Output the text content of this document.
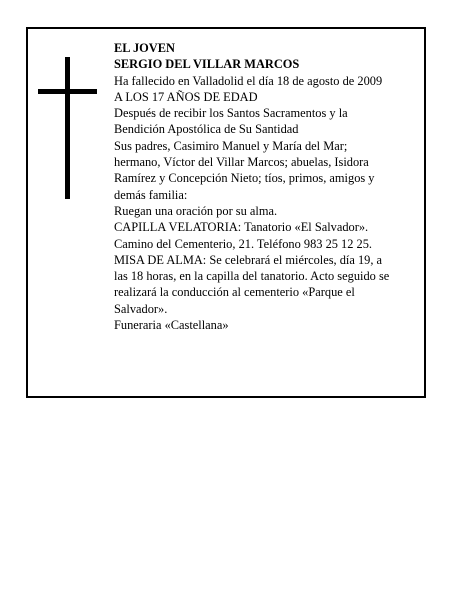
EL JOVEN
SERGIO DEL VILLAR MARCOS
Ha fallecido en Valladolid el día 18 de agosto de 2009
A LOS 17 AÑOS DE EDAD
Después de recibir los Santos Sacramentos y la
Bendición Apostólica de Su Santidad
Sus padres, Casimiro Manuel y María del Mar;
hermano, Víctor del Villar Marcos; abuelas, Isidora
Ramírez y Concepción Nieto; tíos, primos, amigos y
demás familia:
Ruegan una oración por su alma.
CAPILLA VELATORIA: Tanatorio «El Salvador».
Camino del Cementerio, 21. Teléfono 983 25 12 25.
MISA DE ALMA: Se celebrará el miércoles, día 19, a
las 18 horas, en la capilla del tanatorio. Acto seguido se
realizará la conducción al cementerio «Parque el
Salvador».
Funeraria «Castellana»
